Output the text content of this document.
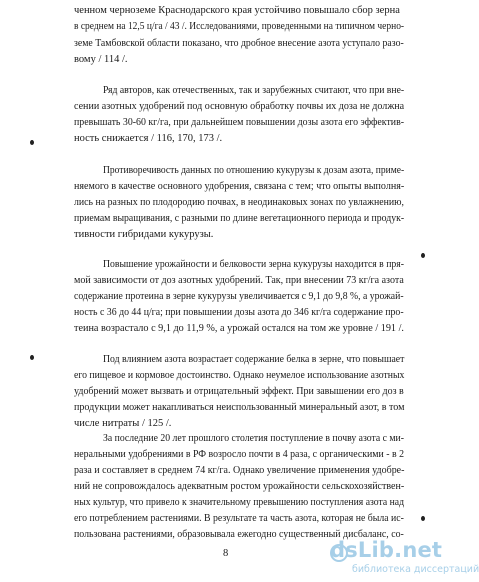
ченном черноземе Краснодарского края устойчиво повышало сбор зерна
в среднем на 12,5 ц/га / 43 /. Исследованиями, проведенными на типичном черно-
земе Тамбовской области показано, что дробное внесение азота уступало разо-
вому / 114 /.
Ряд авторов, как отечественных, так и зарубежных считают, что при вне-
сении азотных удобрений под основную обработку почвы их доза не должна
превышать 30-60 кг/га, при дальнейшем повышении дозы азота его эффектив-
ность снижается / 116, 170, 173 /.
Противоречивость данных по отношению кукурузы к дозам азота, приме-
няемого в качестве основного удобрения, связана с тем; что опыты выполня-
лись на разных по плодородию почвах, в неодинаковых зонах по увлажнению,
приемам выращивания, с разными по длине вегетационного периода и продук-
тивности гибридами кукурузы.
Повышение урожайности и белковости зерна кукурузы находится в пря-
мой зависимости от доз азотных удобрений. Так, при внесении 73 кг/га азота
содержание протеина в зерне кукурузы увеличивается с 9,1 до 9,8 %, а урожай-
ность с 36 до 44 ц/га; при повышении дозы азота до 346 кг/га содержание про-
теина возрастало с 9,1 до 11,9 %, а урожай остался на том же уровне / 191 /.
Под влиянием азота возрастает содержание белка в зерне, что повышает
его пищевое и кормовое достоинство. Однако неумелое использование азотных
удобрений может вызвать и отрицательный эффект. При завышении его доз в
продукции может накапливаться неиспользованный минеральный азот, в том
числе нитраты / 125 /.
За последние 20 лет прошлого столетия поступление в почву азота с ми-
неральными удобрениями в РФ возросло почти в 4 раза, с органическими - в 2
раза и составляет в среднем 74 кг/га. Однако увеличение применения удобре-
ний не сопровождалось адекватным ростом урожайности сельскохозяйствен-
ных культур, что привело к значительному превышению поступления азота над
его потреблением растениями. В результате та часть азота, которая не была ис-
пользована растениями, образовывала ежегодно существенный дисбаланс, со-
8	dsLib.net
библиотека диссертаций
